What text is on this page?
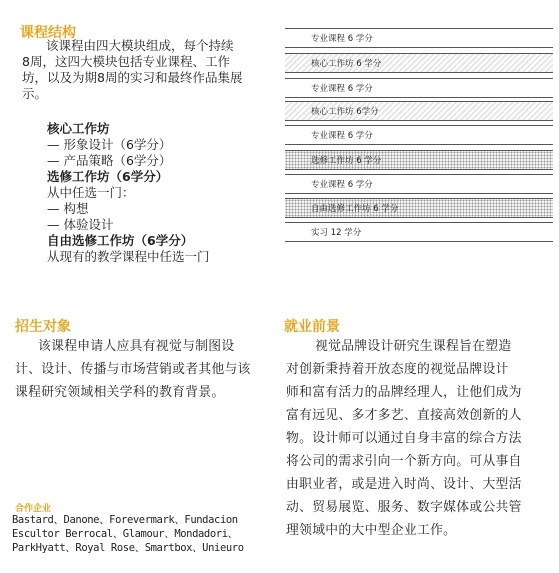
课程结构
该课程由四大模块组成，每个持续
8周，这四大模块包括专业课程、工作
坊，以及为期8周的实习和最终作品集展
示。
核心工作坊
— 形象设计（6学分）
— 产品策略（6学分）
选修工作坊（6学分）
从中任选一门：
— 构想
— 体验设计
自由选修工作坊（6学分）
从现有的教学课程中任选一门
专业课程 6 学分
核心工作坊 6 学分
专业课程 6 学分
核心工作坊 6学分
专业课程 6 学分
选修工作坊 6 学分
专业课程 6 学分
自由选修工作坊 6 学分
实习 12 学分
招生对象
该课程申请人应具有视觉与制图设
计、设计、传播与市场营销或者其他与该
课程研究领域相关学科的教育背景。
合作企业
Bastard、Danone、Forevermark、Fundacion
Escultor Berrocal、Glamour、Mondadori、
ParkHyatt、Royal Rose、Smartbox、Unieuro
就业前景
视觉品牌设计研究生课程旨在塑造
对创新秉持着开放态度的视觉品牌设计
师和富有活力的品牌经理人，让他们成为
富有远见、多才多艺、直接高效创新的人
物。设计师可以通过自身丰富的综合方法
将公司的需求引向一个新方向。可从事自
由职业者，或是进入时尚、设计、大型活
动、贸易展览、服务、数字媒体或公共管
理领域中的大中型企业工作。
